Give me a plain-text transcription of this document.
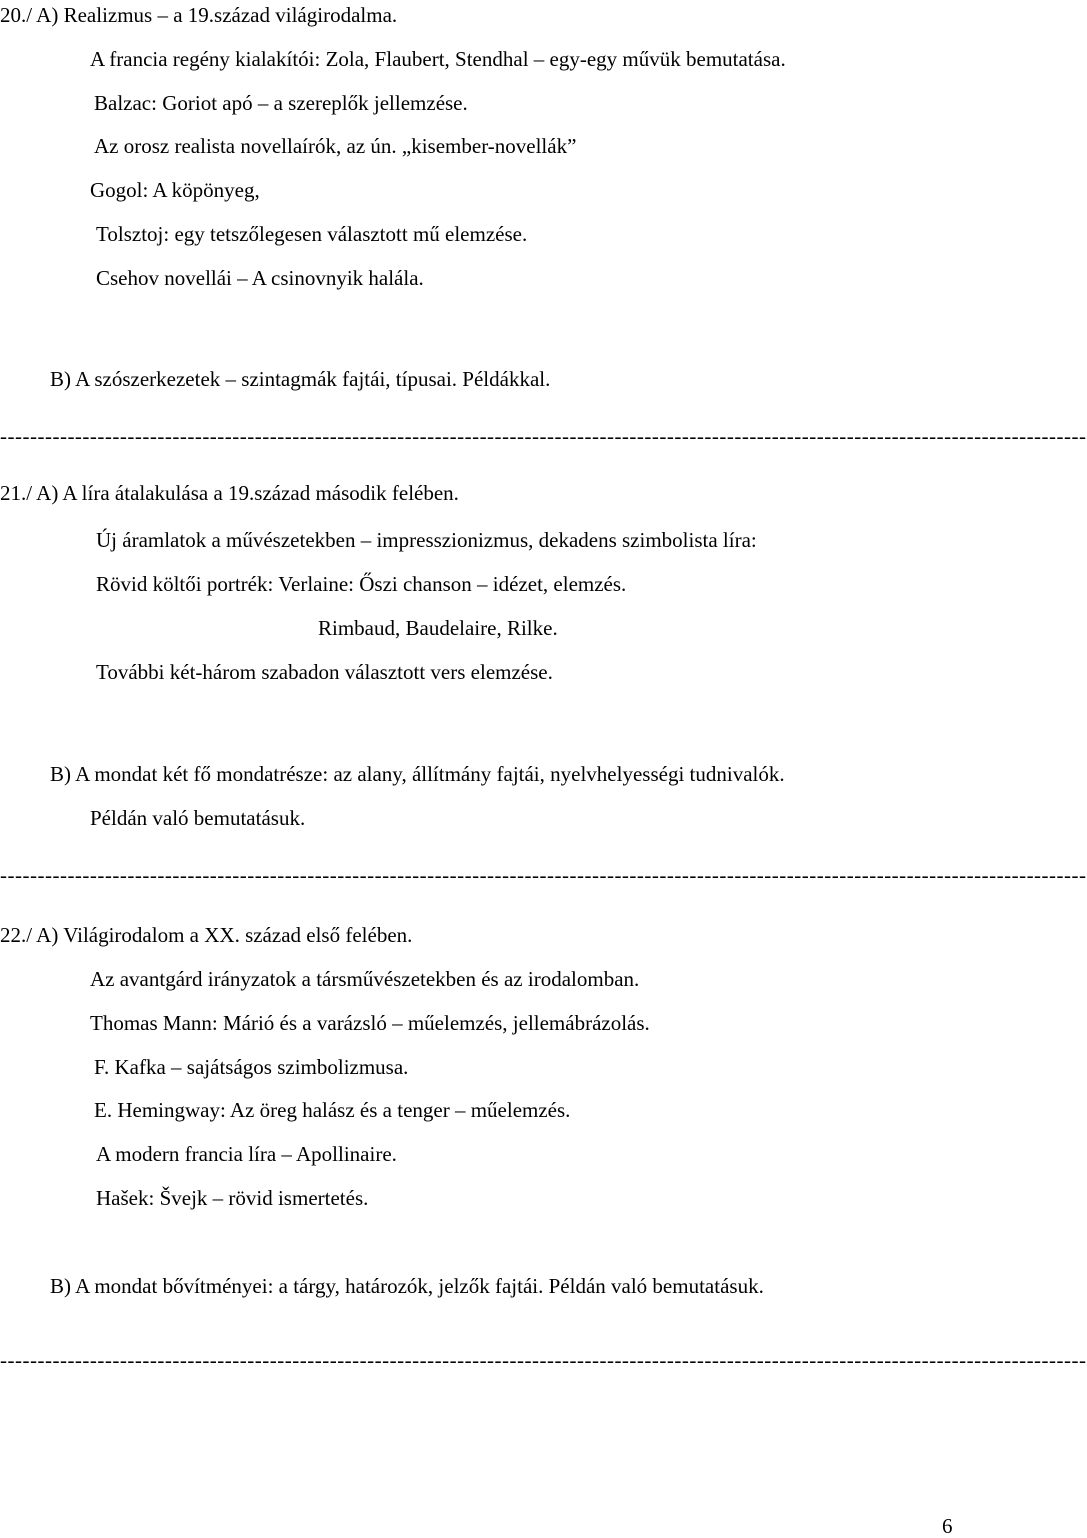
20./ A) Realizmus – a 19.század világirodalma.
A francia regény kialakítói: Zola, Flaubert, Stendhal – egy-egy művük bemutatása.
Balzac: Goriot apó – a szereplők jellemzése.
Az orosz realista novellaírók, az ún. „kisember-novellák”
Gogol: A köpönyeg,
Tolsztoj: egy tetszőlegesen választott mű elemzése.
Csehov novellái – A csinovnyik halála.
B) A szószerkezetek – szintagmák fajtái, típusai. Példákkal.
-------------------------------------------------------------------------------------------------------------------------------------------------
21./ A) A líra átalakulása a 19.század második felében.
Új áramlatok a művészetekben – impresszionizmus, dekadens szimbolista líra:
Rövid költői portrék: Verlaine: Őszi chanson – idézet, elemzés.
Rimbaud, Baudelaire, Rilke.
További két-három szabadon választott vers elemzése.
B) A mondat két fő mondatrésze: az alany, állítmány fajtái, nyelvhelyességi tudnivalók.
Példán való bemutatásuk.
-------------------------------------------------------------------------------------------------------------------------------------------------
22./ A) Világirodalom a XX. század első felében.
Az avantgárd irányzatok a társművészetekben és az irodalomban.
Thomas Mann: Márió és a varázsló – műelemzés, jellemábrázolás.
F. Kafka – sajátságos szimbolizmusa.
E. Hemingway: Az öreg halász és a tenger – műelemzés.
A modern francia líra – Apollinaire.
Hašek: Švejk – rövid ismertetés.
B) A mondat bővítményei: a tárgy, határozók, jelzők fajtái. Példán való bemutatásuk.
-------------------------------------------------------------------------------------------------------------------------------------------------
6
